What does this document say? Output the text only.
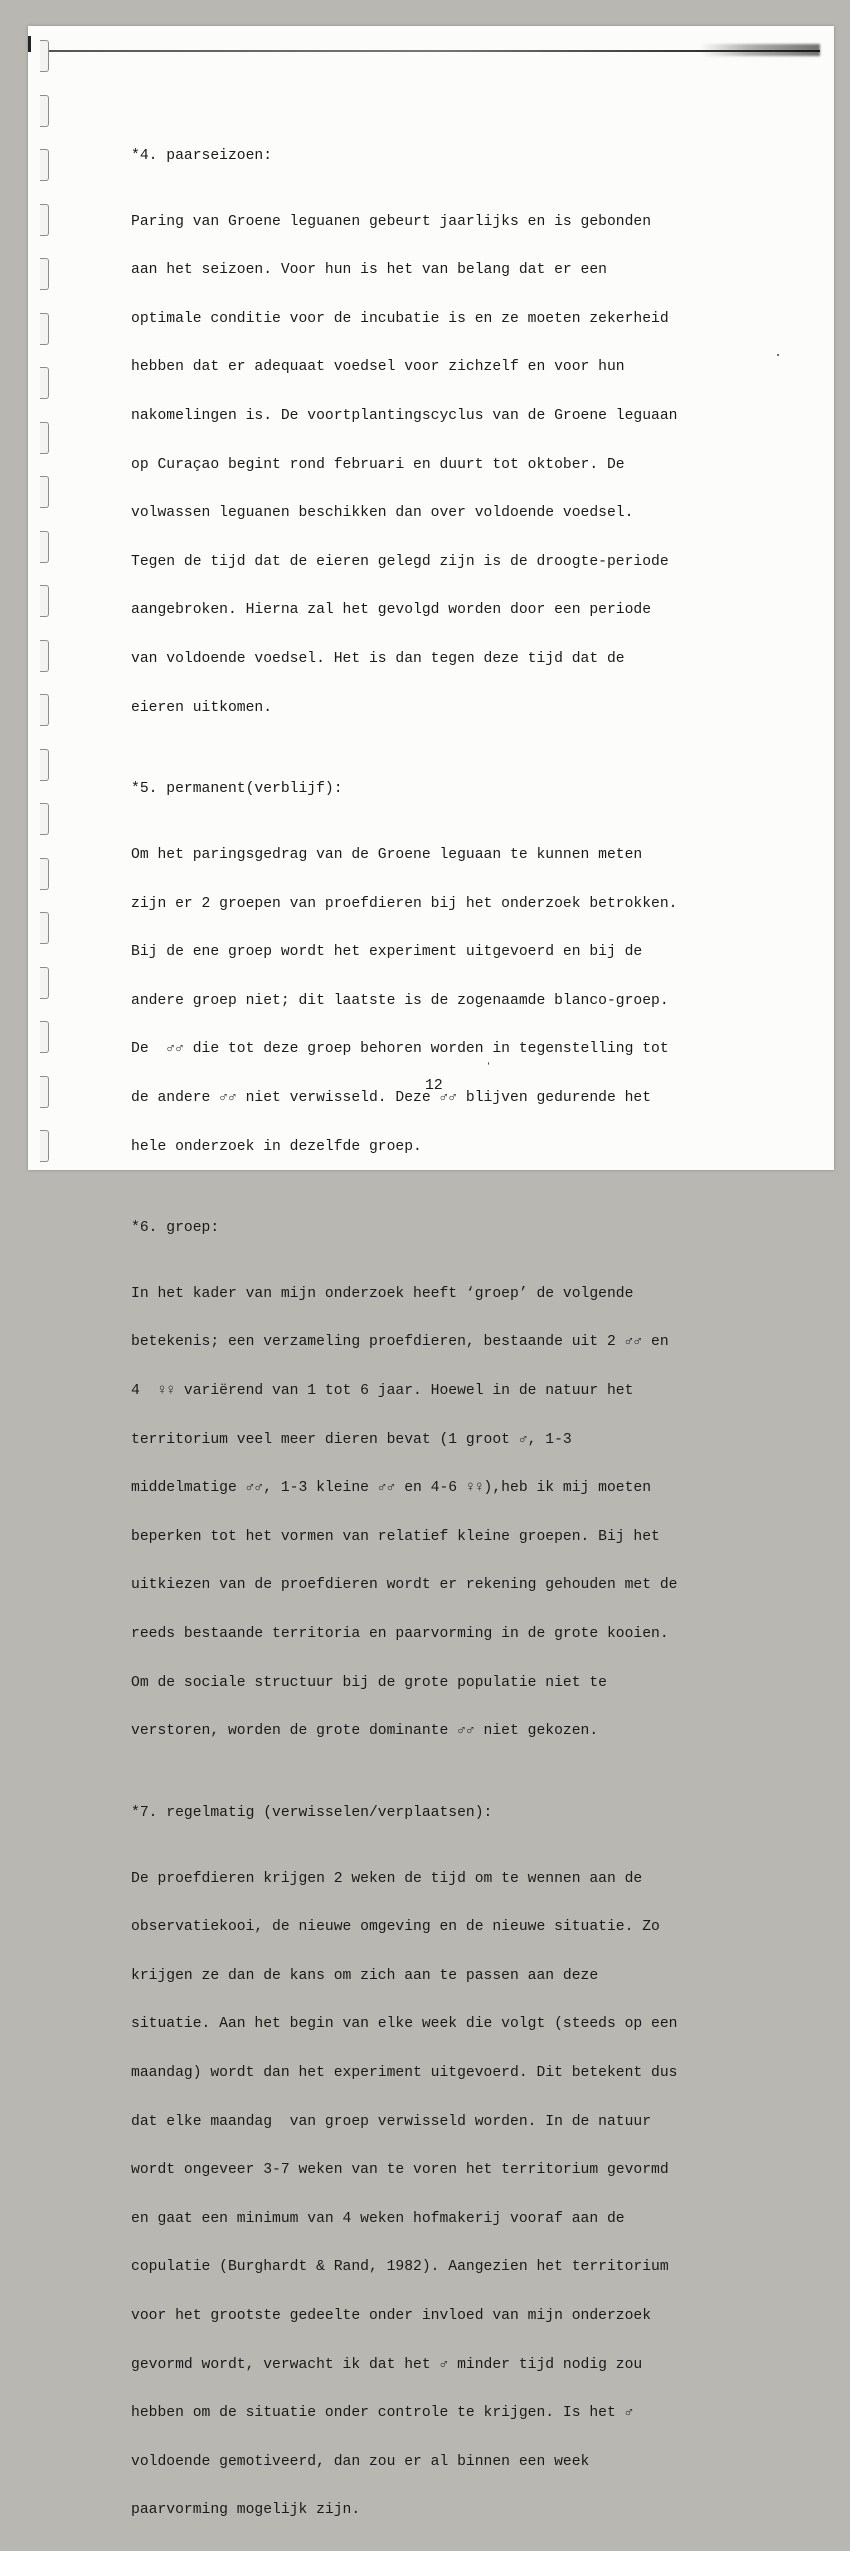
*4. paarseizoen:

Paring van Groene leguanen gebeurt jaarlijks en is gebonden

aan het seizoen. Voor hun is het van belang dat er een

optimale conditie voor de incubatie is en ze moeten zekerheid

hebben dat er adequaat voedsel voor zichzelf en voor hun

nakomelingen is. De voortplantingscyclus van de Groene leguaan

op Curaçao begint rond februari en duurt tot oktober. De

volwassen leguanen beschikken dan over voldoende voedsel.

Tegen de tijd dat de eieren gelegd zijn is de droogte-periode

aangebroken. Hierna zal het gevolgd worden door een periode

van voldoende voedsel. Het is dan tegen deze tijd dat de

eieren uitkomen.

*5. permanent(verblijf):

Om het paringsgedrag van de Groene leguaan te kunnen meten

zijn er 2 groepen van proefdieren bij het onderzoek betrokken.

Bij de ene groep wordt het experiment uitgevoerd en bij de

andere groep niet; dit laatste is de zogenaamde blanco-groep.

De  ♂♂ die tot deze groep behoren worden in tegenstelling tot

de andere ♂♂ niet verwisseld. Deze ♂♂ blijven gedurende het

hele onderzoek in dezelfde groep.

*6. groep:

In het kader van mijn onderzoek heeft ‘groep’ de volgende

betekenis; een verzameling proefdieren, bestaande uit 2 ♂♂ en

4  ♀♀ variërend van 1 tot 6 jaar. Hoewel in de natuur het

territorium veel meer dieren bevat (1 groot ♂, 1-3

middelmatige ♂♂, 1-3 kleine ♂♂ en 4-6 ♀♀),heb ik mij moeten

beperken tot het vormen van relatief kleine groepen. Bij het

uitkiezen van de proefdieren wordt er rekening gehouden met de

reeds bestaande territoria en paarvorming in de grote kooien.

Om de sociale structuur bij de grote populatie niet te

verstoren, worden de grote dominante ♂♂ niet gekozen.

*7. regelmatig (verwisselen/verplaatsen):

De proefdieren krijgen 2 weken de tijd om te wennen aan de

observatiekooi, de nieuwe omgeving en de nieuwe situatie. Zo

krijgen ze dan de kans om zich aan te passen aan deze

situatie. Aan het begin van elke week die volgt (steeds op een

maandag) wordt dan het experiment uitgevoerd. Dit betekent dus

dat elke maandag  van groep verwisseld worden. In de natuur

wordt ongeveer 3-7 weken van te voren het territorium gevormd

en gaat een minimum van 4 weken hofmakerij vooraf aan de

copulatie (Burghardt & Rand, 1982). Aangezien het territorium

voor het grootste gedeelte onder invloed van mijn onderzoek

gevormd wordt, verwacht ik dat het ♂ minder tijd nodig zou

hebben om de situatie onder controle te krijgen. Is het ♂

voldoende gemotiveerd, dan zou er al binnen een week

paarvorming mogelijk zijn.

12
